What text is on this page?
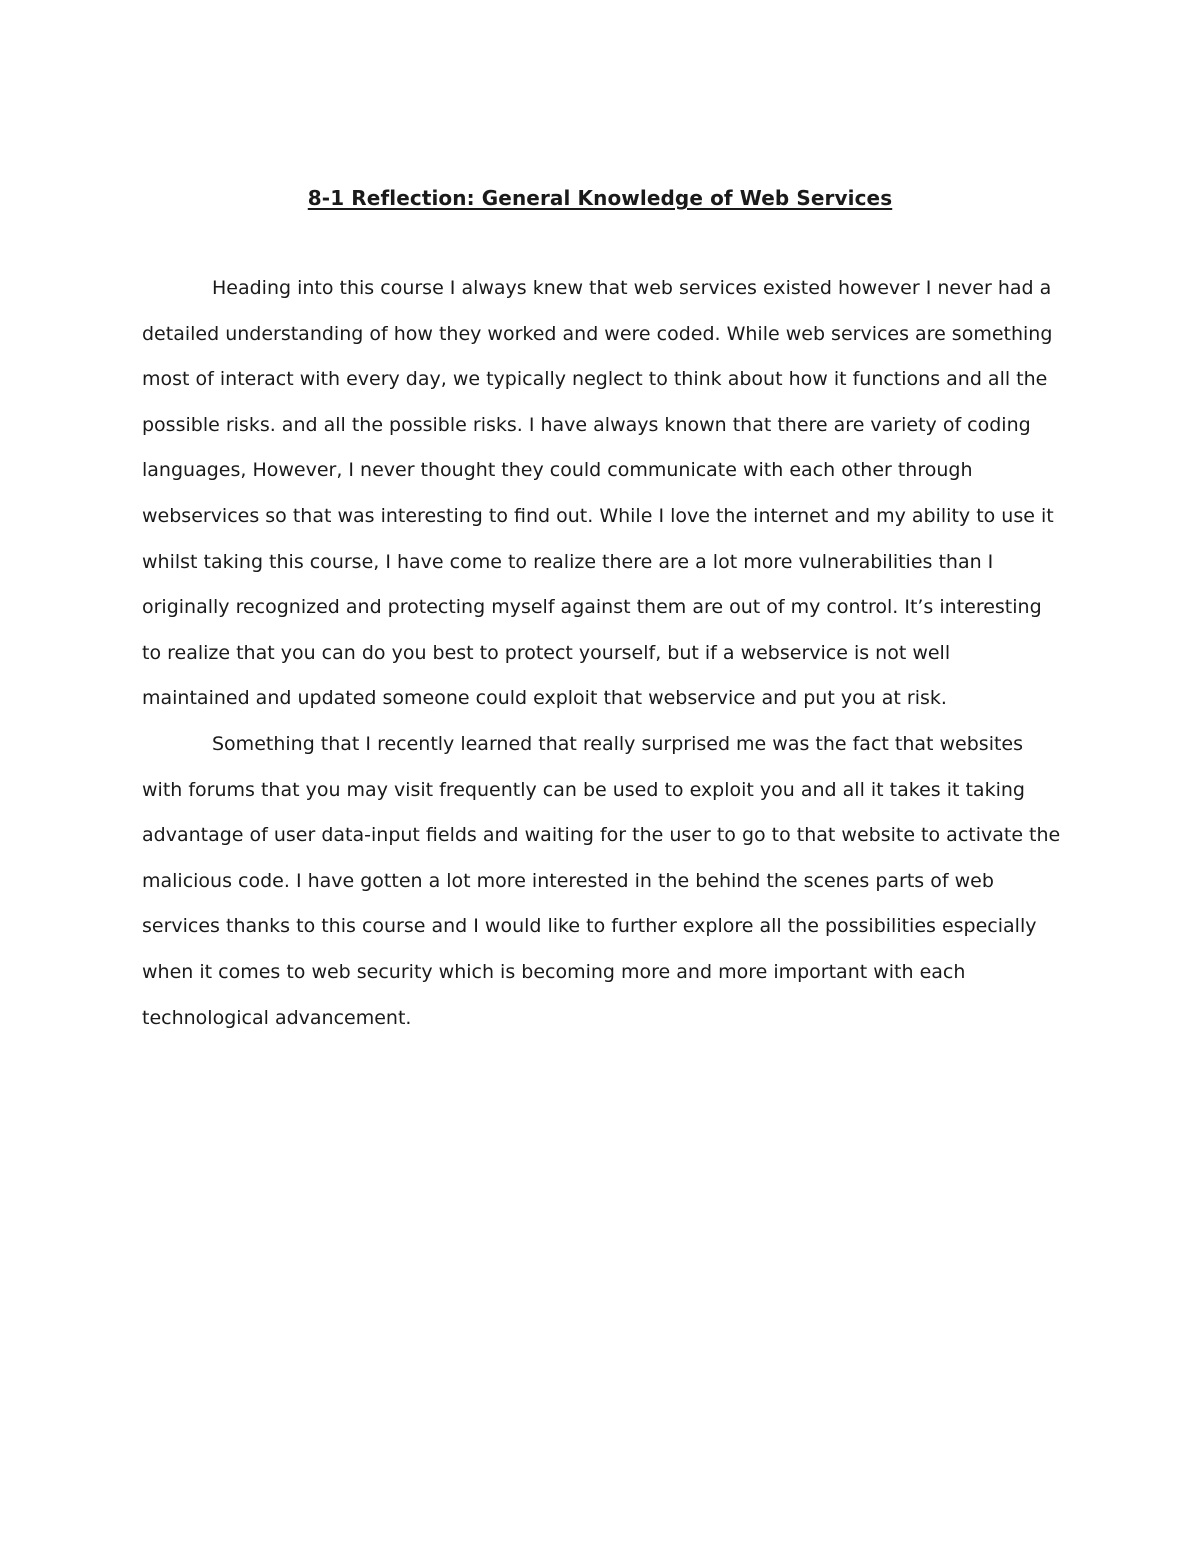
8-1 Reflection: General Knowledge of Web Services

Heading into this course I always knew that web services existed however I never had a detailed understanding of how they worked and were coded. While web services are something most of interact with every day, we typically neglect to think about how it functions and all the possible risks. and all the possible risks. I have always known that there are variety of coding languages, However, I never thought they could communicate with each other through webservices so that was interesting to find out. While I love the internet and my ability to use it whilst taking this course, I have come to realize there are a lot more vulnerabilities than I originally recognized and protecting myself against them are out of my control. It’s interesting to realize that you can do you best to protect yourself, but if a webservice is not well maintained and updated someone could exploit that webservice and put you at risk.

Something that I recently learned that really surprised me was the fact that websites with forums that you may visit frequently can be used to exploit you and all it takes it taking advantage of user data-input fields and waiting for the user to go to that website to activate the malicious code. I have gotten a lot more interested in the behind the scenes parts of web services thanks to this course and I would like to further explore all the possibilities especially when it comes to web security which is becoming more and more important with each technological advancement.
